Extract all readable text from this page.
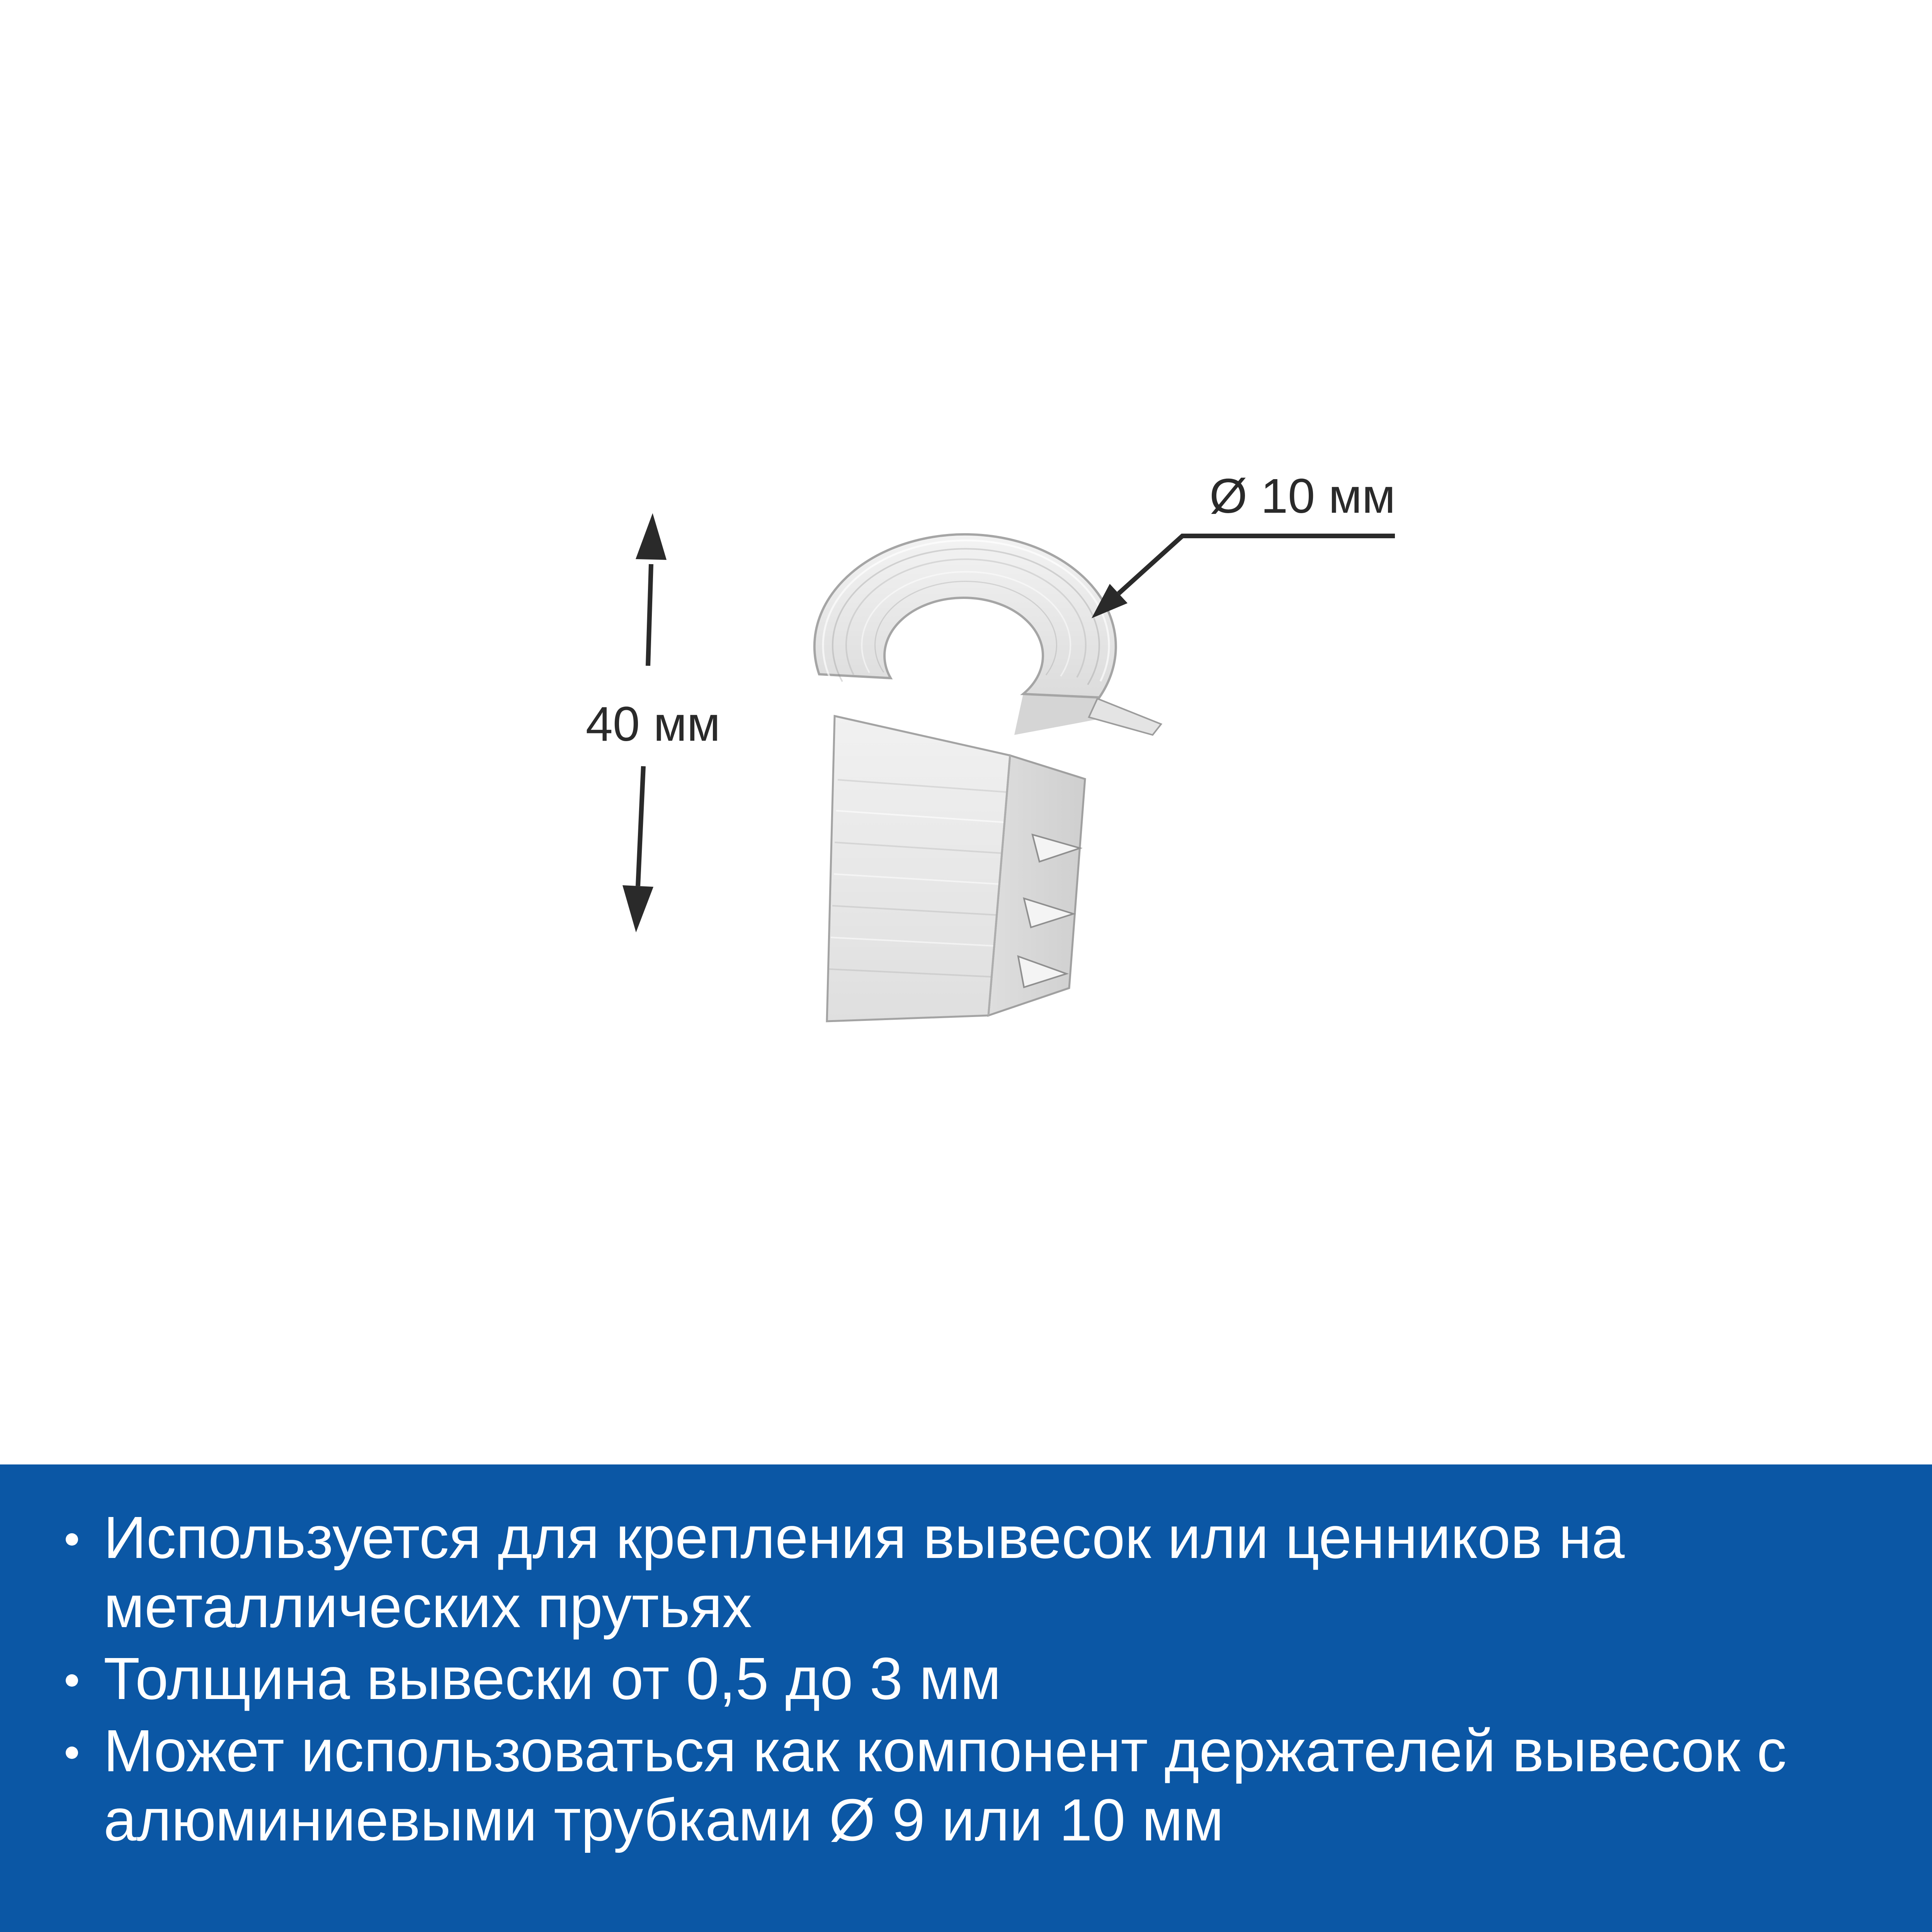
Ø 10 мм
40 мм
Используется для крепления вывесок или ценников на металлических прутьях
Толщина вывески от 0,5 до 3 мм
Может использоваться как компонент держателей вывесок с алюминиевыми трубками Ø 9 или 10 мм
